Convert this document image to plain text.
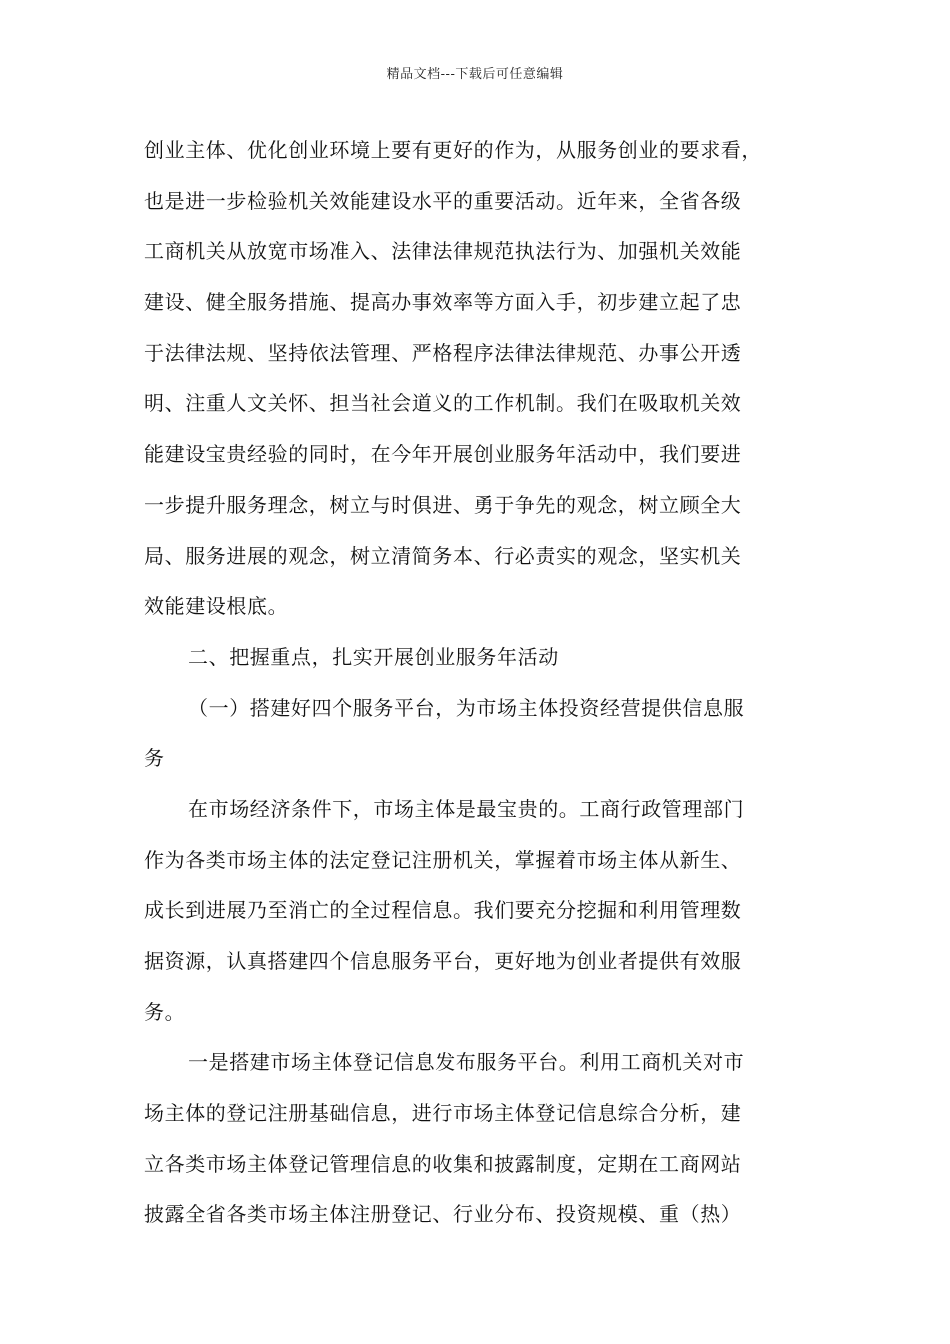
精品文档---下载后可任意编辑
创业主体、优化创业环境上要有更好的作为，从服务创业的要求看，
也是进一步检验机关效能建设水平的重要活动。近年来，全省各级
工商机关从放宽市场准入、法律法律规范执法行为、加强机关效能
建设、健全服务措施、提高办事效率等方面入手，初步建立起了忠
于法律法规、坚持依法管理、严格程序法律法律规范、办事公开透
明、注重人文关怀、担当社会道义的工作机制。我们在吸取机关效
能建设宝贵经验的同时，在今年开展创业服务年活动中，我们要进
一步提升服务理念，树立与时俱进、勇于争先的观念，树立顾全大
局、服务进展的观念，树立清简务本、行必责实的观念，坚实机关
效能建设根底。
二、把握重点，扎实开展创业服务年活动
（一）搭建好四个服务平台，为市场主体投资经营提供信息服
务
在市场经济条件下，市场主体是最宝贵的。工商行政管理部门
作为各类市场主体的法定登记注册机关，掌握着市场主体从新生、
成长到进展乃至消亡的全过程信息。我们要充分挖掘和利用管理数
据资源，认真搭建四个信息服务平台，更好地为创业者提供有效服
务。
一是搭建市场主体登记信息发布服务平台。利用工商机关对市
场主体的登记注册基础信息，进行市场主体登记信息综合分析，建
立各类市场主体登记管理信息的收集和披露制度，定期在工商网站
披露全省各类市场主体注册登记、行业分布、投资规模、重（热）
